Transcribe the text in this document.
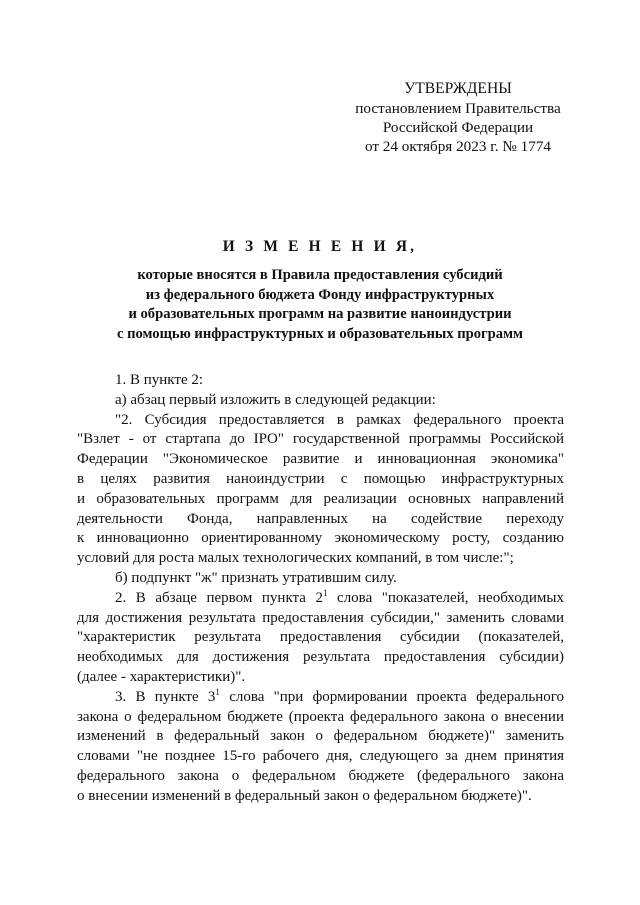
УТВЕРЖДЕНЫ
постановлением Правительства
Российской Федерации
от 24 октября 2023 г. № 1774
И З М Е Н Е Н И Я,
которые вносятся в Правила предоставления субсидий
из федерального бюджета Фонду инфраструктурных
и образовательных программ на развитие наноиндустрии
с помощью инфраструктурных и образовательных программ
1. В пункте 2:
а) абзац первый изложить в следующей редакции:
"2. Субсидия предоставляется в рамках федерального проекта
"Взлет - от стартапа до IPO" государственной программы Российской
Федерации "Экономическое развитие и инновационная экономика"
в целях развития наноиндустрии с помощью инфраструктурных
и образовательных программ для реализации основных направлений
деятельности Фонда, направленных на содействие переходу
к инновационно ориентированному экономическому росту, созданию
условий для роста малых технологических компаний, в том числе:";
б) подпункт "ж" признать утратившим силу.
2. В абзаце первом пункта $2^1$ слова "показателей, необходимых
для достижения результата предоставления субсидии," заменить словами
"характеристик результата предоставления субсидии (показателей,
необходимых для достижения результата предоставления субсидии)
(далее - характеристики)".
3. В пункте $3^1$ слова "при формировании проекта федерального
закона о федеральном бюджете (проекта федерального закона о внесении
изменений в федеральный закон о федеральном бюджете)" заменить
словами "не позднее 15-го рабочего дня, следующего за днем принятия
федерального закона о федеральном бюджете (федерального закона
о внесении изменений в федеральный закон о федеральном бюджете)".
